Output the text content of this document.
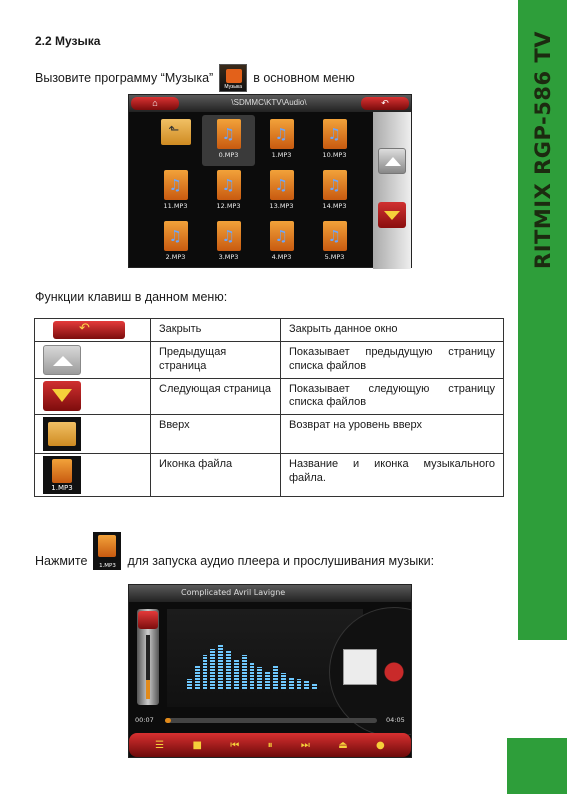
RITMIX RGP-586 TV
2.2 Музыка
Вызовите программу “Музыка”
Музыка
в основном меню
⌂	\SDMMC\KTV\Audio\	↶
⬑
♫
0.MP3
♫	1.MP3
♫	10.MP3
♫
11.MP3
♫	12.MP3
♫	13.MP3
♫	14.MP3
♫
2.MP3
♫	3.MP3
♫	4.MP3
♫	5.MP3
Функции клавиш в данном меню:
↶
	Закрыть	Закрыть данное окно

	Предыдущая страница	Показывает предыдущую страницу списка файлов

	Следующая страница	Показывает следующую страницу списка файлов

	Вверх	Возврат на уровень вверх

1.MP3	Иконка файла	Название и иконка музыкального файла.
Нажмите	1.MP3 для запуска аудио плеера и прослушивания музыки:
Complicated Avril Lavigne
00:07	04:05
☰	■	⏮	⏸	⏭	⏏	●
